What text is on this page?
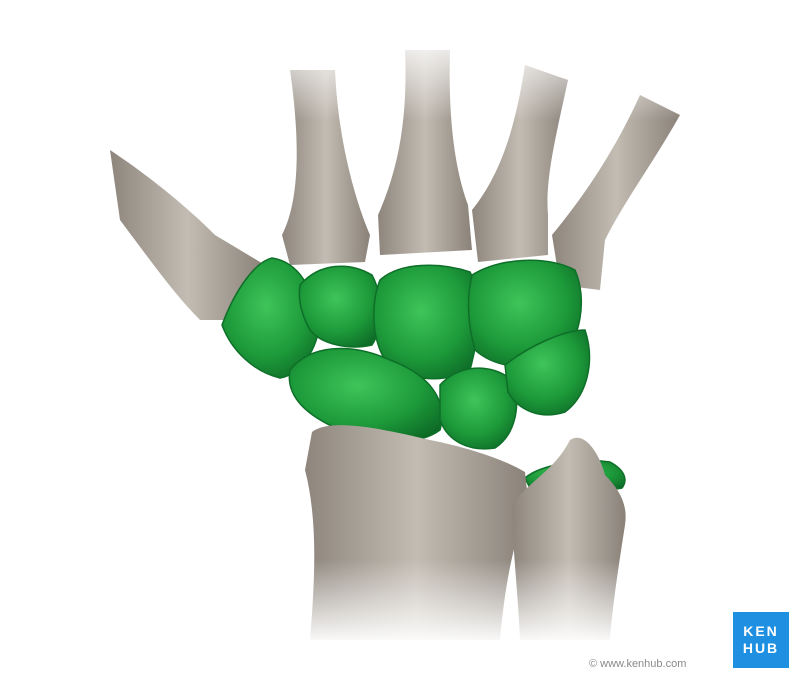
© www.kenhub.com
KEN
HUB
